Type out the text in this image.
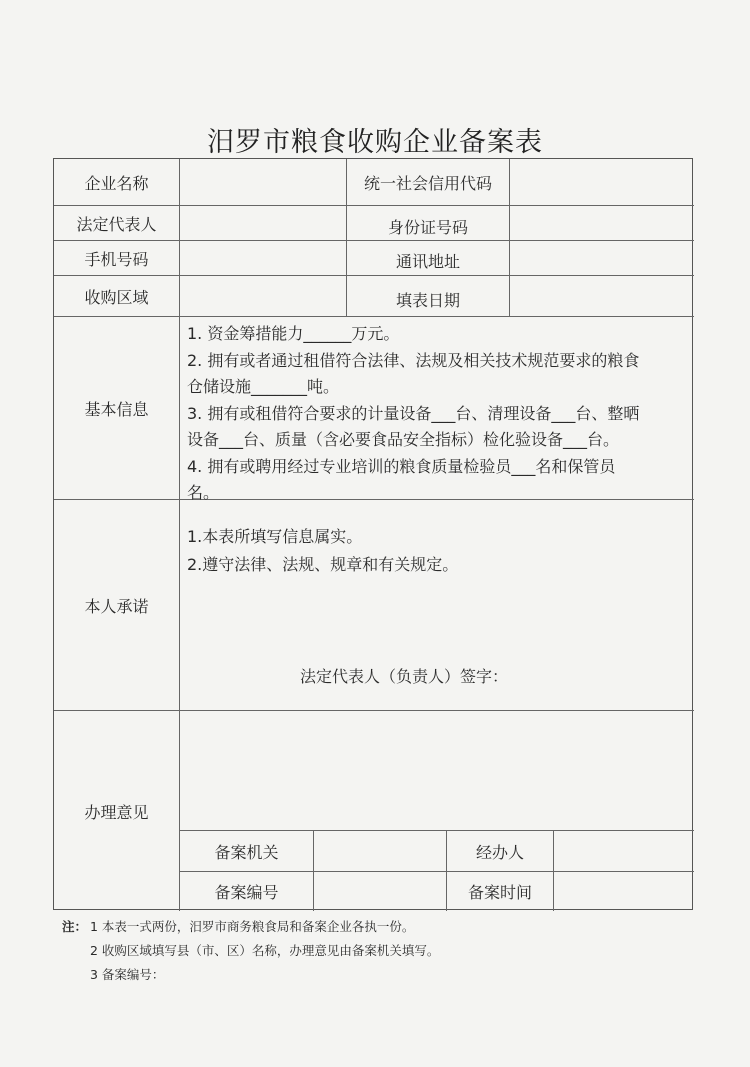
汨罗市粮食收购企业备案表
企业名称	统一社会信用代码
法定代表人	身份证号码
手机号码	通讯地址
收购区域	填表日期
基本信息

1. 资金筹措能力______万元。

2. 拥有或者通过租借符合法律、法规及相关技术规范要求的粮食

仓储设施_______吨。

3. 拥有或租借符合要求的计量设备___台、清理设备___台、整晒

设备___台、质量（含必要食品安全指标）检化验设备___台。

4. 拥有或聘用经过专业培训的粮食质量检验员___名和保管员

名。

本人承诺

1.本表所填写信息属实。

2.遵守法律、法规、规章和有关规定。

法定代表人（负责人）签字：
办理意见
备案机关	经办人
备案编号	备案时间
注： 1 本表一式两份，汨罗市商务粮食局和备案企业各执一份。
2 收购区域填写县（市、区）名称，办理意见由备案机关填写。
3 备案编号：
